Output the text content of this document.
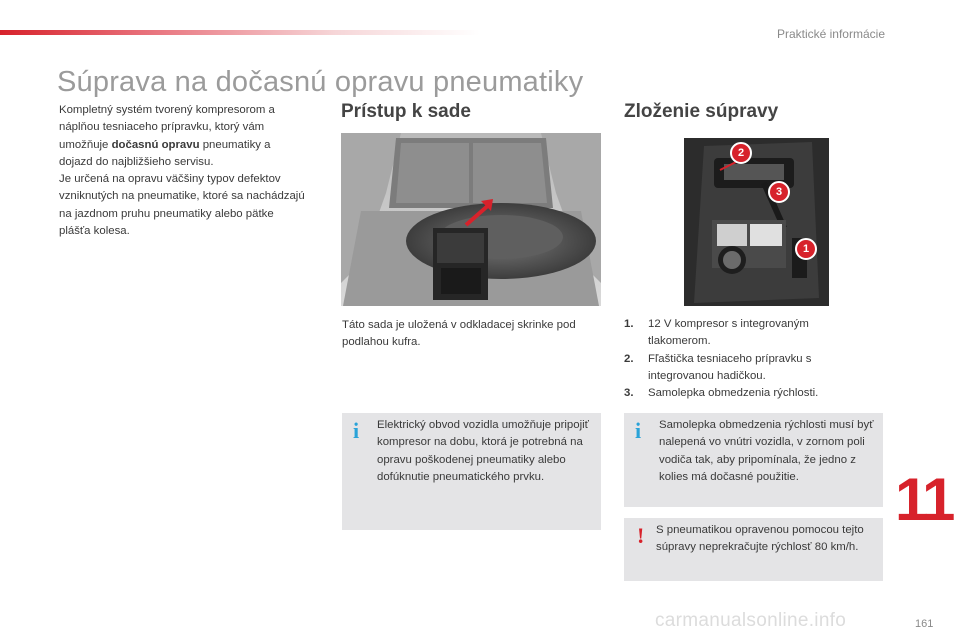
Praktické informácie
Súprava na dočasnú opravu pneumatiky

Kompletný systém tvorený kompresorom a náplňou tesniaceho prípravku, ktorý vám umožňuje dočasnú opravu pneumatiky a dojazd do najbližšieho servisu.

Je určená na opravu väčšiny typov defektov vzniknutých na pneumatike, ktoré sa nachádzajú na jazdnom pruhu pneumatiky alebo pätke plášťa kolesa.

Prístup k sade
Táto sada je uložená v odkladacej skrinke pod podlahou kufra.
i Elektrický obvod vozidla umožňuje pripojiť kompresor na dobu, ktorá je potrebná na opravu poškodenej pneumatiky alebo dofúknutie pneumatického prvku.
Zloženie súpravy
2
3
1
1.	12 V kompresor s integrovaným tlakomerom.
2.	Fľaštička tesniaceho prípravku s integrovanou hadičkou.
3.	Samolepka obmedzenia rýchlosti.
i Samolepka obmedzenia rýchlosti musí byť nalepená vo vnútri vozidla, v zornom poli vodiča tak, aby pripomínala, že jedno z kolies má dočasné použitie.
! S pneumatikou opravenou pomocou tejto súpravy neprekračujte rýchlosť 80 km/h.
11
carmanualsonline.info	161
